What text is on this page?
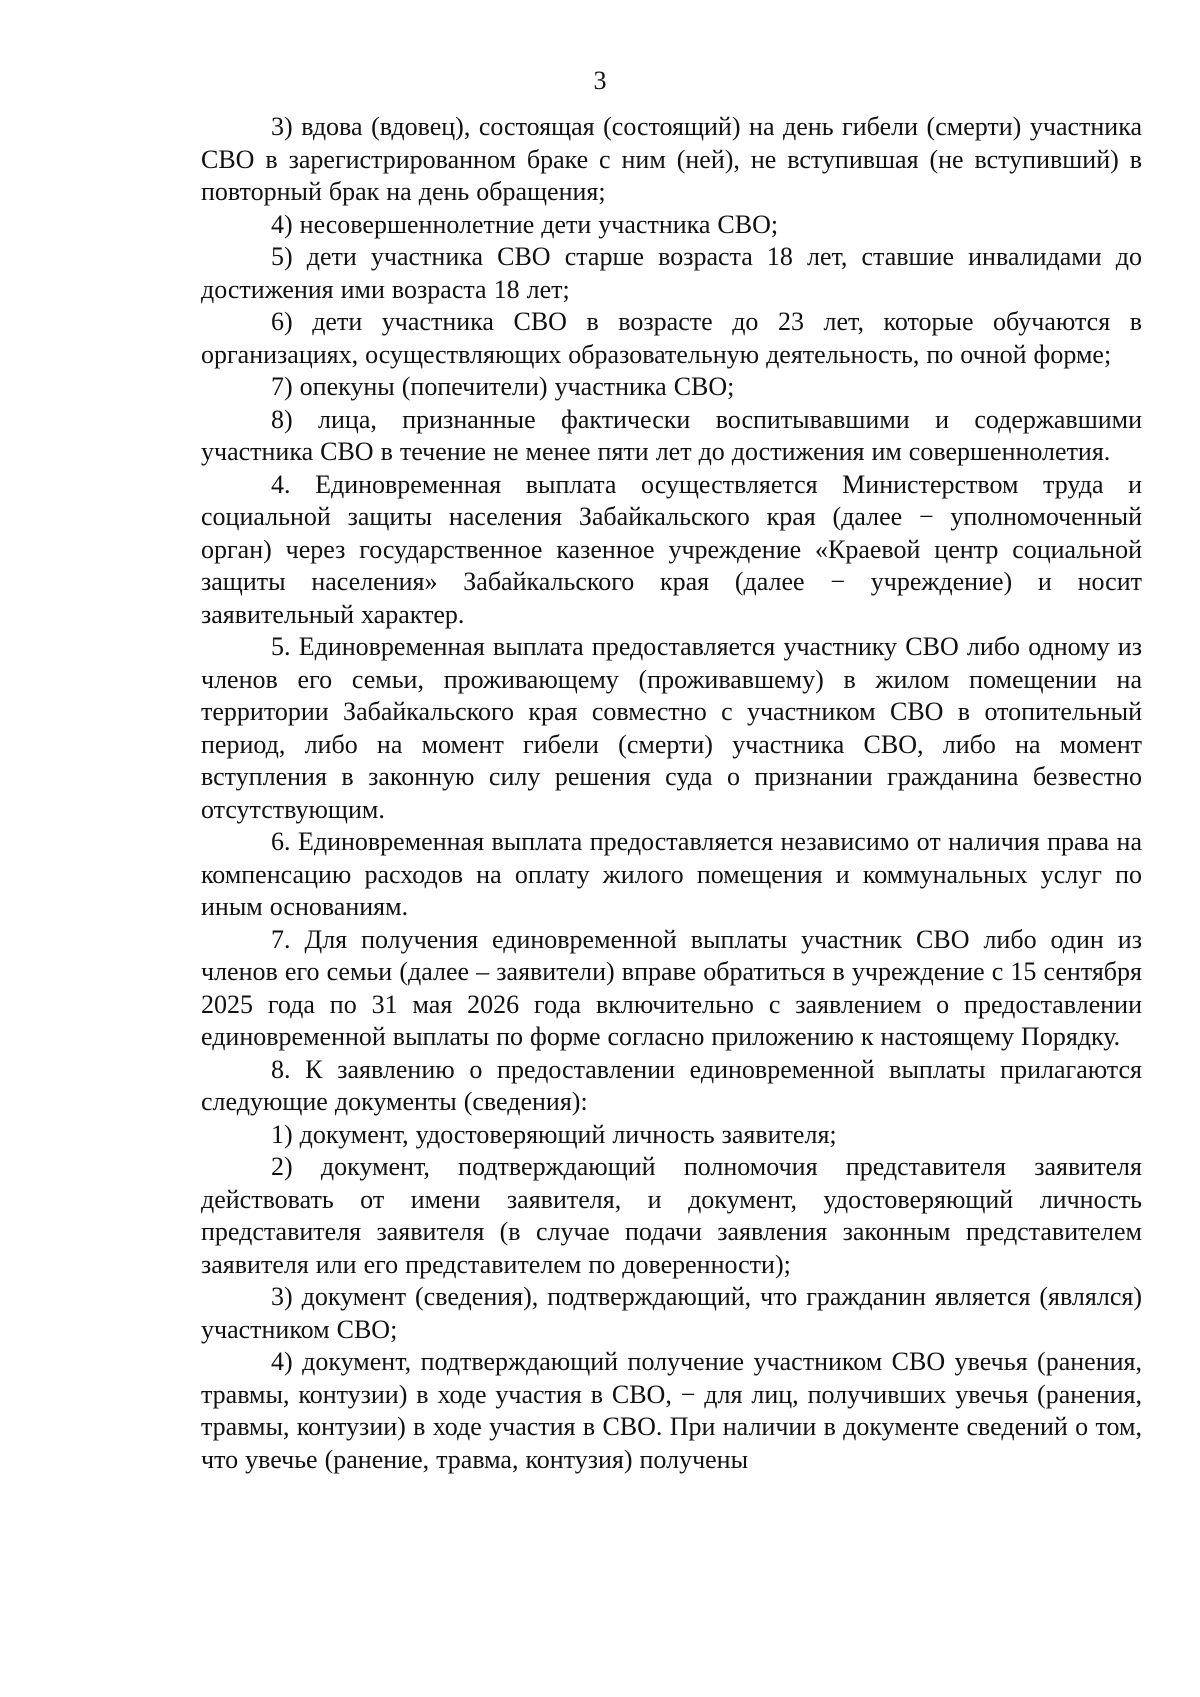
3

3) вдова (вдовец), состоящая (состоящий) на день гибели (смерти) участника СВО в зарегистрированном браке с ним (ней), не вступившая (не вступивший) в повторный брак на день обращения;

4) несовершеннолетние дети участника СВО;

5) дети участника СВО старше возраста 18 лет, ставшие инвалидами до достижения ими возраста 18 лет;

6) дети участника СВО в возрасте до 23 лет, которые обучаются в организациях, осуществляющих образовательную деятельность, по очной форме;

7) опекуны (попечители) участника СВО;

8) лица, признанные фактически воспитывавшими и содержавшими участника СВО в течение не менее пяти лет до достижения им совершеннолетия.

4. Единовременная выплата осуществляется Министерством труда и социальной защиты населения Забайкальского края (далее − уполномоченный орган) через государственное казенное учреждение «Краевой центр социальной защиты населения» Забайкальского края (далее − учреждение) и носит заявительный характер.

5. Единовременная выплата предоставляется участнику СВО либо одному из членов его семьи, проживающему (проживавшему) в жилом помещении на территории Забайкальского края совместно с участником СВО в отопительный период, либо на момент гибели (смерти) участника СВО, либо на момент вступления в законную силу решения суда о признании гражданина безвестно отсутствующим.

6. Единовременная выплата предоставляется независимо от наличия права на компенсацию расходов на оплату жилого помещения и коммунальных услуг по иным основаниям.

7. Для получения единовременной выплаты участник СВО либо один из членов его семьи (далее – заявители) вправе обратиться в учреждение с 15 сентября 2025 года по 31 мая 2026 года включительно с заявлением о предоставлении единовременной выплаты по форме согласно приложению к настоящему Порядку.

8. К заявлению о предоставлении единовременной выплаты прилагаются следующие документы (сведения):

1) документ, удостоверяющий личность заявителя;

2) документ, подтверждающий полномочия представителя заявителя действовать от имени заявителя, и документ, удостоверяющий личность представителя заявителя (в случае подачи заявления законным представителем заявителя или его представителем по доверенности);

3) документ (сведения), подтверждающий, что гражданин является (являлся) участником СВО;

4) документ, подтверждающий получение участником СВО увечья (ранения, травмы, контузии) в ходе участия в СВО, − для лиц, получивших увечья (ранения, травмы, контузии) в ходе участия в СВО. При наличии в документе сведений о том, что увечье (ранение, травма, контузия) получены
